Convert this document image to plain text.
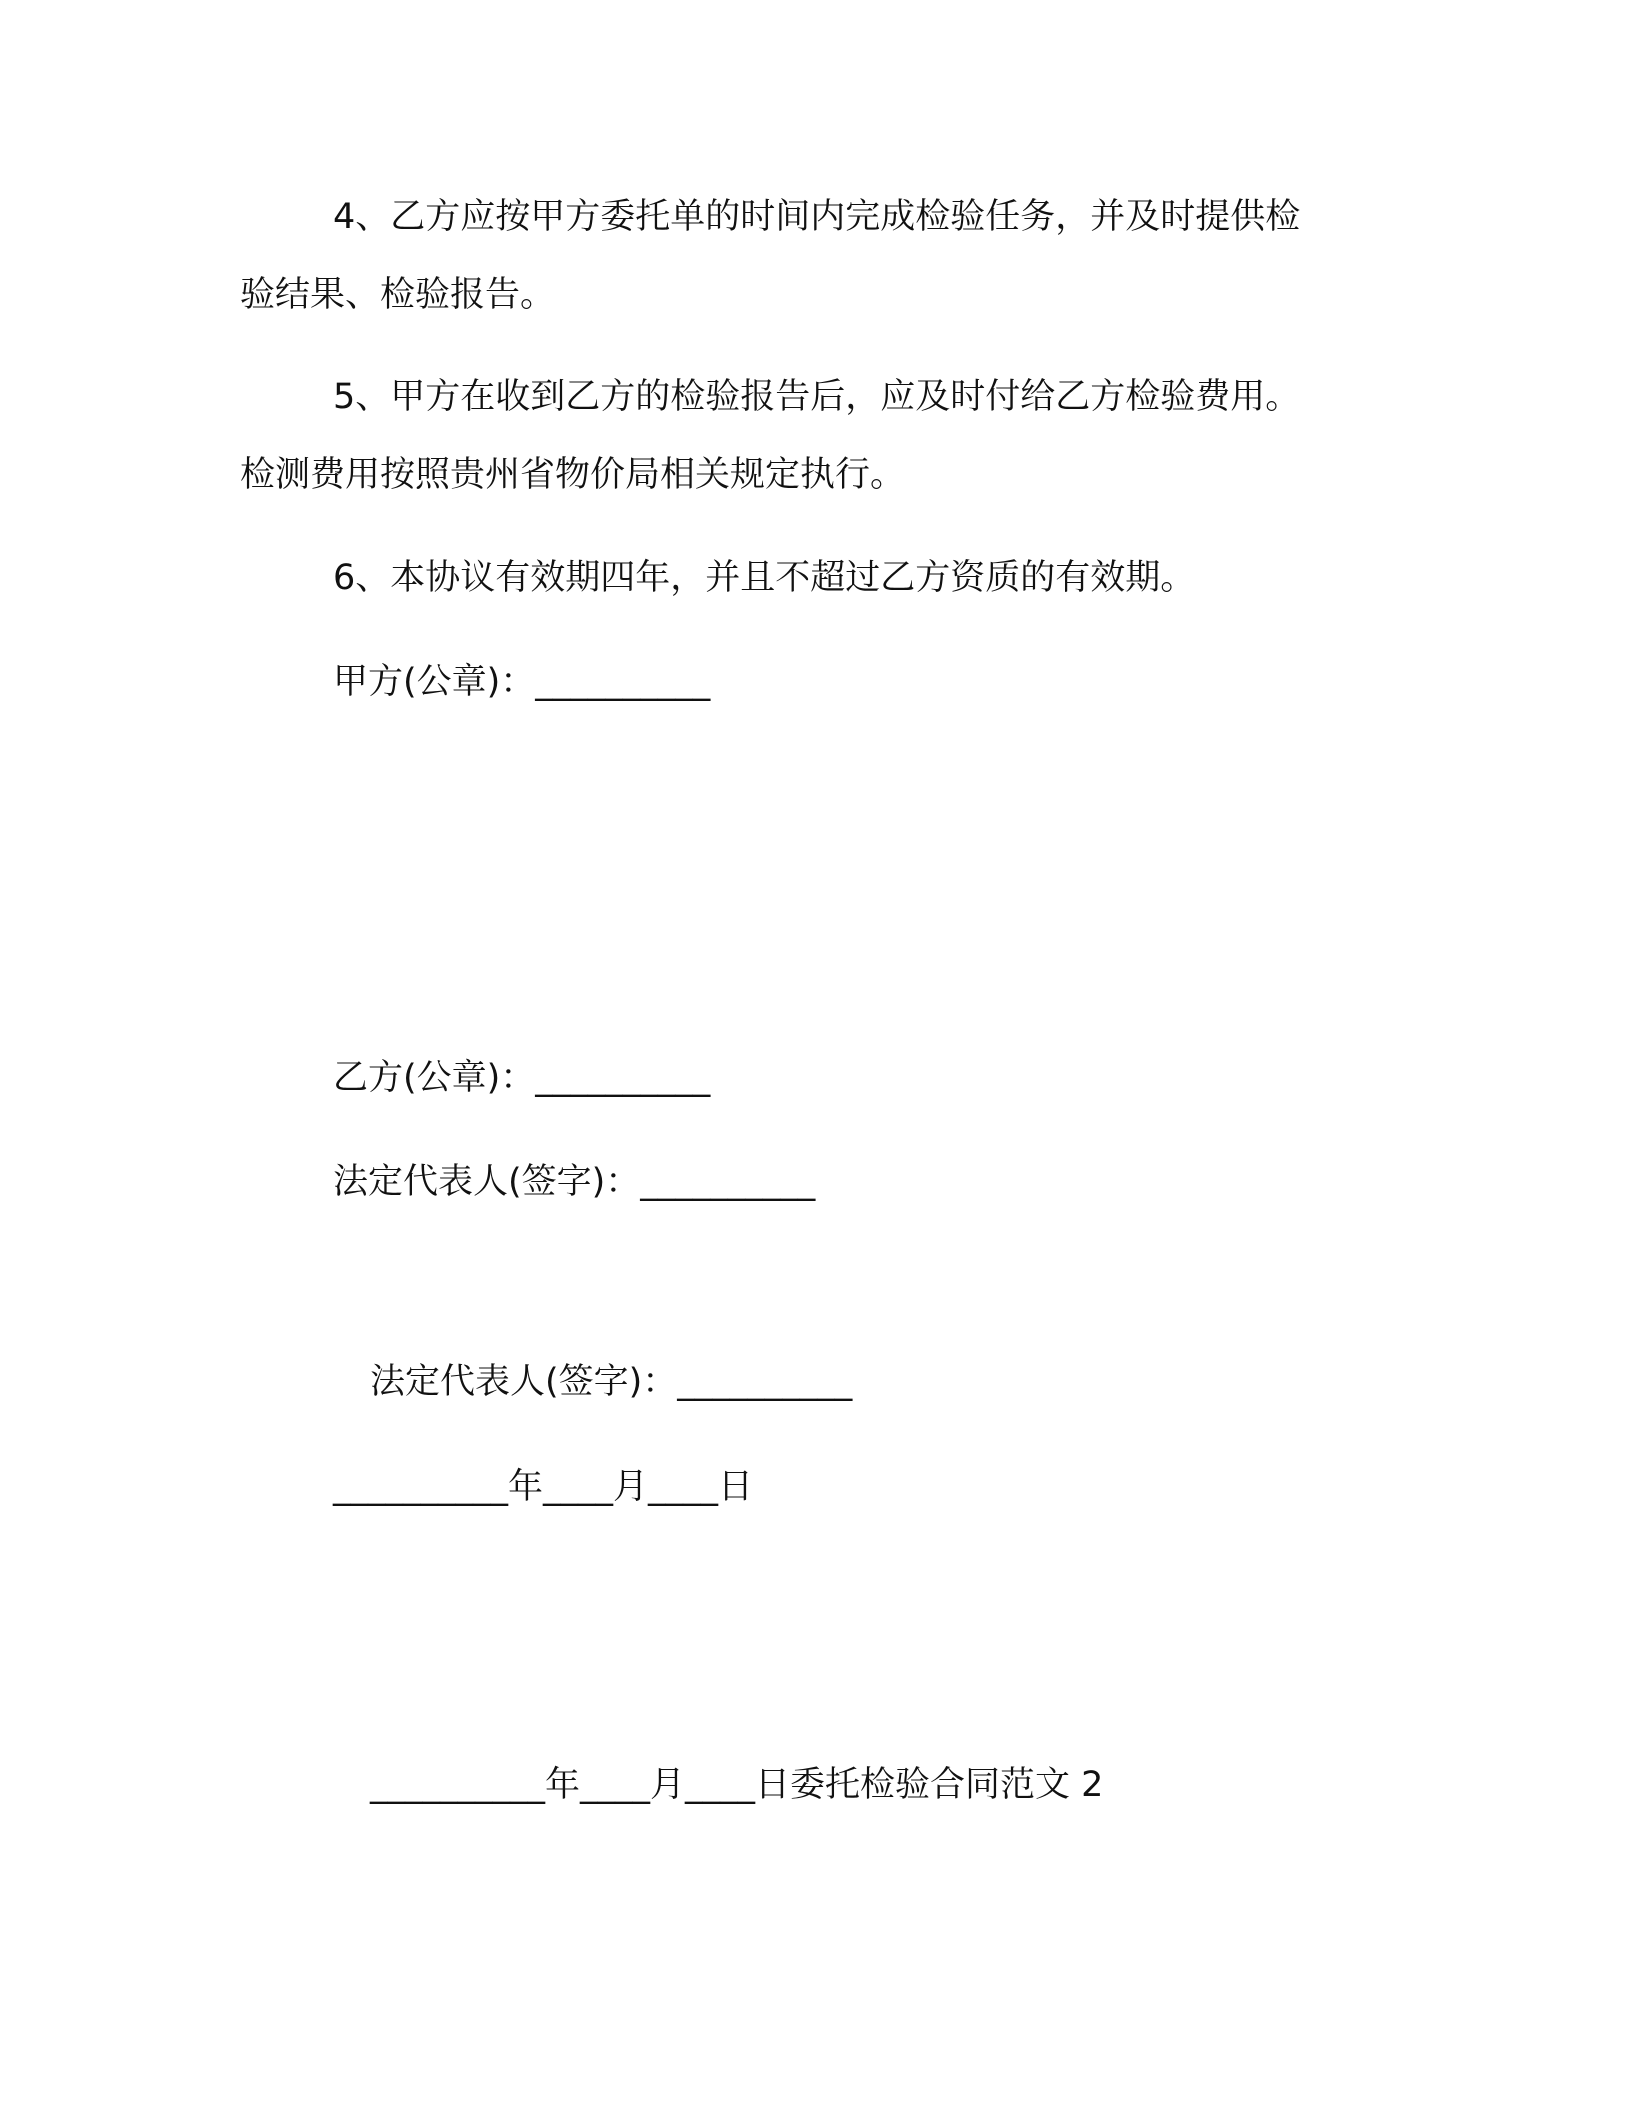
4、乙方应按甲方委托单的时间内完成检验任务，并及时提供检
验结果、检验报告。
5、甲方在收到乙方的检验报告后，应及时付给乙方检验费用。
检测费用按照贵州省物价局相关规定执行。
6、本协议有效期四年，并且不超过乙方资质的有效期。
甲方(公章)：__________
乙方(公章)：__________
法定代表人(签字)：__________
法定代表人(签字)：__________
__________年____月____日
__________年____月____日委托检验合同范文 2
